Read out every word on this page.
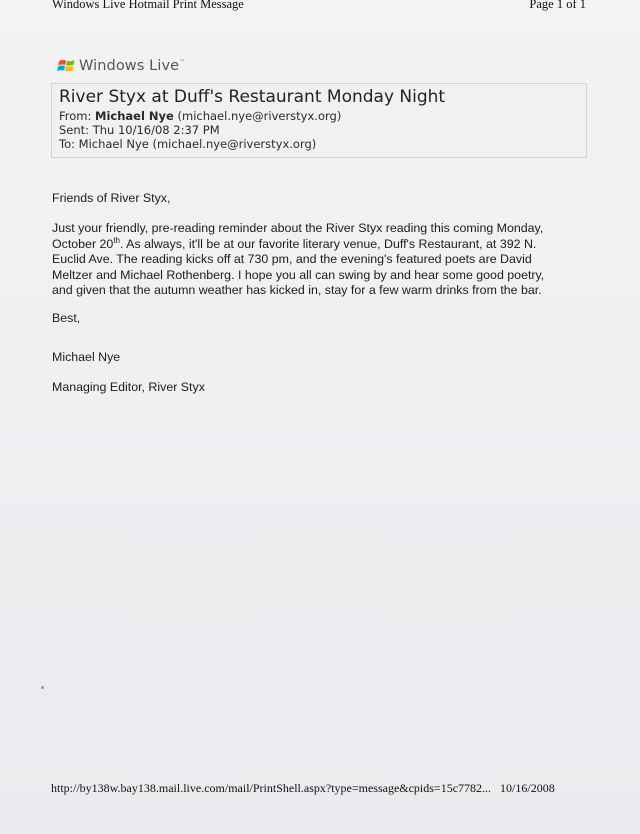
Windows Live Hotmail Print Message	Page 1 of 1
Windows Live™
River Styx at Duff's Restaurant Monday Night
From: Michael Nye (michael.nye@riverstyx.org)
Sent: Thu 10/16/08 2:37 PM
To: Michael Nye (michael.nye@riverstyx.org)
Friends of River Styx,

Just your friendly, pre-reading reminder about the River Styx reading this coming Monday,

October 20th. As always, it'll be at our favorite literary venue, Duff's Restaurant, at 392 N.

Euclid Ave. The reading kicks off at 730 pm, and the evening's featured poets are David

Meltzer and Michael Rothenberg. I hope you all can swing by and hear some good poetry,

and given that the autumn weather has kicked in, stay for a few warm drinks from the bar.

Best,
Michael Nye
Managing Editor, River Styx
http://by138w.bay138.mail.live.com/mail/PrintShell.aspx?type=message&cpids=15c7782... 10/16/2008
